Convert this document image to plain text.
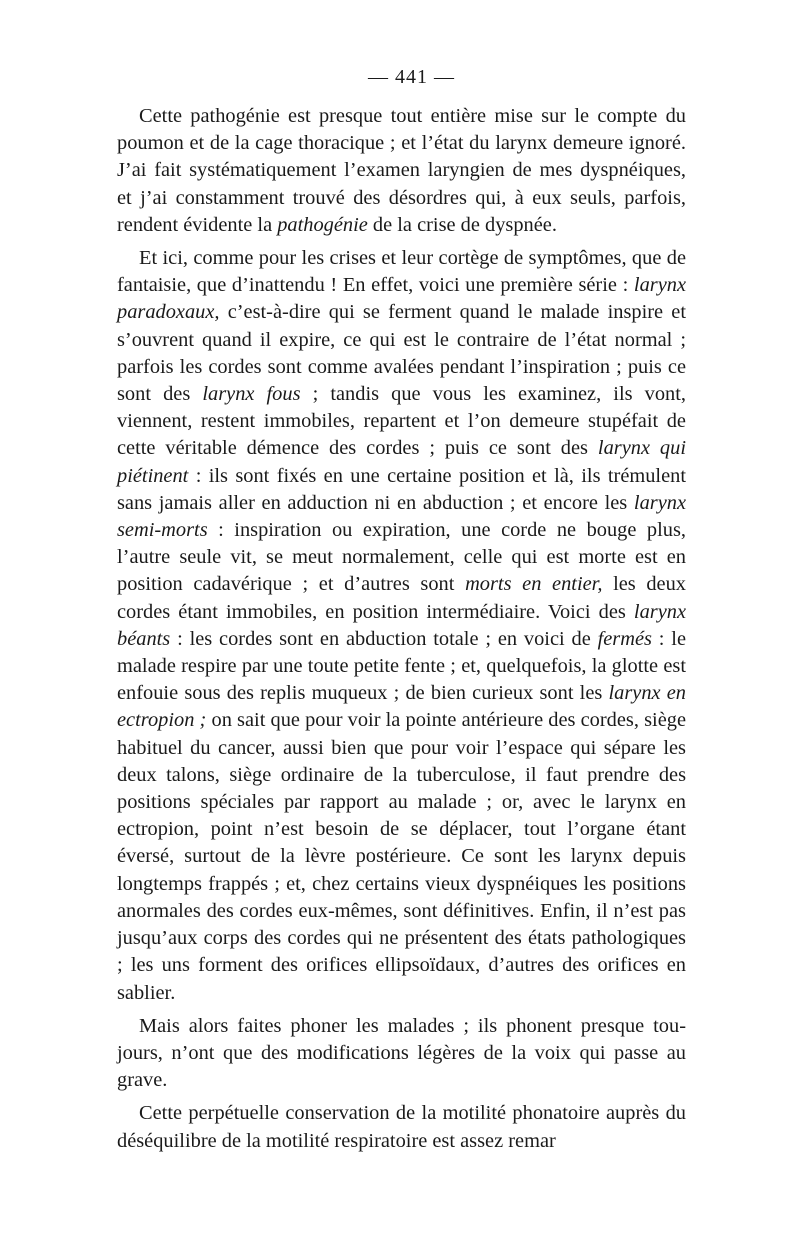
— 441 —

Cette pathogénie est presque tout entière mise sur le compte du poumon et de la cage thoracique ; et l’état du larynx demeure ignoré. J’ai fait systématiquement l’examen laryngien de mes dyspnéiques, et j’ai constamment trouvé des désordres qui, à eux seuls, parfois, rendent évidente la pathogénie de la crise de dyspnée.

Et ici, comme pour les crises et leur cortège de symptômes, que de fantaisie, que d’inattendu ! En effet, voici une première série : larynx paradoxaux, c’est-à-dire qui se ferment quand le malade inspire et s’ouvrent quand il expire, ce qui est le contraire de l’état normal ; parfois les cordes sont comme avalées pendant l’inspiration ; puis ce sont des larynx fous ; tandis que vous les examinez, ils vont, viennent, restent immobiles, repartent et l’on demeure stupéfait de cette véritable démence des cordes ; puis ce sont des larynx qui piétinent : ils sont fixés en une certaine position et là, ils trémulent sans jamais aller en adduction ni en abduction ; et encore les larynx semi-morts : inspiration ou expiration, une corde ne bouge plus, l’autre seule vit, se meut normalement, celle qui est morte est en position cadavérique ; et d’autres sont morts en entier, les deux cordes étant immobiles, en position intermédiaire. Voici des larynx béants : les cordes sont en abduction totale ; en voici de fermés : le malade respire par une toute petite fente ; et, quelquefois, la glotte est enfouie sous des replis muqueux ; de bien curieux sont les larynx en ectropion ; on sait que pour voir la pointe antérieure des cordes, siège habituel du cancer, aussi bien que pour voir l’espace qui sépare les deux talons, siège ordinaire de la tuberculose, il faut prendre des positions spéciales par rapport au malade ; or, avec le larynx en ectropion, point n’est besoin de se déplacer, tout l’organe étant éversé, surtout de la lèvre postérieure. Ce sont les larynx depuis longtemps frappés ; et, chez certains vieux dyspnéiques les positions anormales des cordes eux-mêmes, sont définitives. Enfin, il n’est pas jusqu’aux corps des cordes qui ne présentent des états pathologiques ; les uns forment des orifices ellipsoïdaux, d’autres des orifices en sablier.

Mais alors faites phoner les malades ; ils phonent presque toujours, n’ont que des modifications légères de la voix qui passe au grave.

Cette perpétuelle conservation de la motilité phonatoire auprès du déséquilibre de la motilité respiratoire est assez remar
